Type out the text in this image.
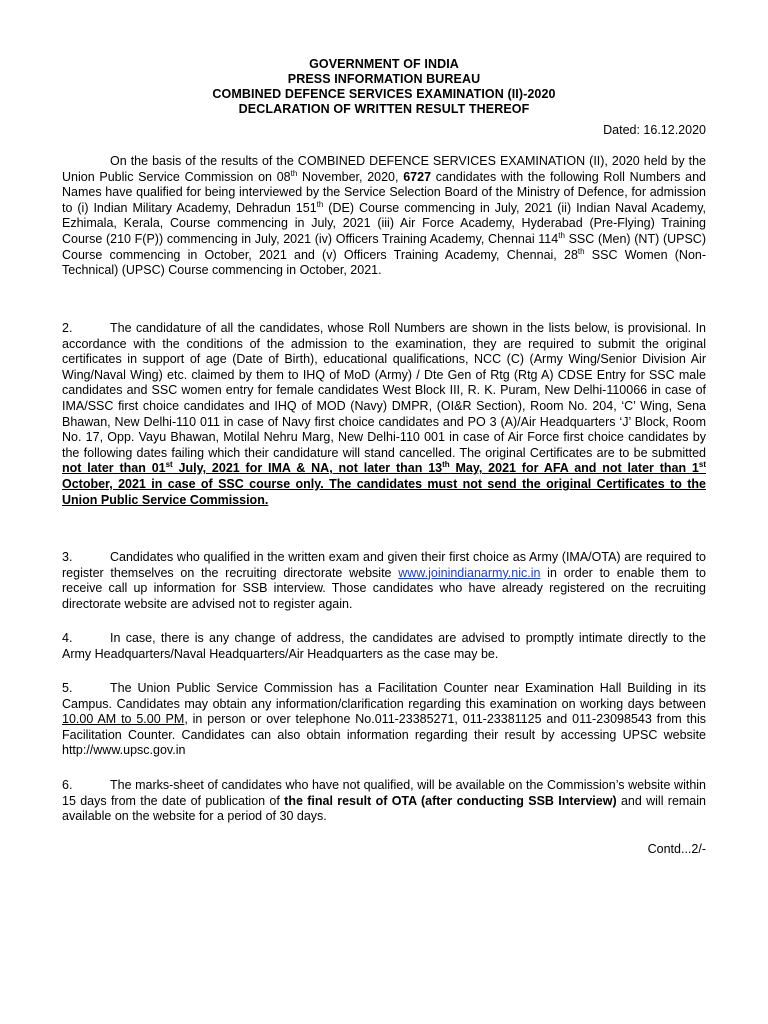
GOVERNMENT OF INDIA
PRESS INFORMATION BUREAU
COMBINED DEFENCE SERVICES EXAMINATION (II)-2020
DECLARATION OF WRITTEN RESULT THEREOF
Dated: 16.12.2020

On the basis of the results of the COMBINED DEFENCE SERVICES EXAMINATION (II), 2020 held by the Union Public Service Commission on 08th November, 2020, 6727 candidates with the following Roll Numbers and Names have qualified for being interviewed by the Service Selection Board of the Ministry of Defence, for admission to (i) Indian Military Academy, Dehradun 151th (DE) Course commencing in July, 2021 (ii) Indian Naval Academy, Ezhimala, Kerala, Course commencing in July, 2021 (iii) Air Force Academy, Hyderabad (Pre-Flying) Training Course (210 F(P)) commencing in July, 2021 (iv) Officers Training Academy, Chennai 114th SSC (Men) (NT) (UPSC) Course commencing in October, 2021 and (v) Officers Training Academy, Chennai, 28th SSC Women (Non-Technical) (UPSC) Course commencing in October, 2021.

2.	The candidature of all the candidates, whose Roll Numbers are shown in the lists below, is provisional. In accordance with the conditions of the admission to the examination, they are required to submit the original certificates in support of age (Date of Birth), educational qualifications, NCC (C) (Army Wing/Senior Division Air Wing/Naval Wing) etc. claimed by them to IHQ of MoD (Army) / Dte Gen of Rtg (Rtg A) CDSE Entry for SSC male candidates and SSC women entry for female candidates West Block III, R. K. Puram, New Delhi-110066 in case of IMA/SSC first choice candidates and IHQ of MOD (Navy) DMPR, (OI&R Section), Room No. 204, ‘C’ Wing, Sena Bhawan, New Delhi-110 011 in case of Navy first choice candidates and PO 3 (A)/Air Headquarters ‘J’ Block, Room No. 17, Opp. Vayu Bhawan, Motilal Nehru Marg, New Delhi-110 001 in case of Air Force first choice candidates by the following dates failing which their candidature will stand cancelled. The original Certificates are to be submitted not later than 01st July, 2021 for IMA & NA, not later than 13th May, 2021 for AFA and not later than 1st October, 2021 in case of SSC course only. The candidates must not send the original Certificates to the Union Public Service Commission.

3.	Candidates who qualified in the written exam and given their first choice as Army (IMA/OTA) are required to register themselves on the recruiting directorate website www.joinindianarmy.nic.in in order to enable them to receive call up information for SSB interview. Those candidates who have already registered on the recruiting directorate website are advised not to register again.

4.	In case, there is any change of address, the candidates are advised to promptly intimate directly to the Army Headquarters/Naval Headquarters/Air Headquarters as the case may be.

5.	The Union Public Service Commission has a Facilitation Counter near Examination Hall Building in its Campus. Candidates may obtain any information/clarification regarding this examination on working days between 10.00 AM to 5.00 PM, in person or over telephone No.011-23385271, 011-23381125 and 011-23098543 from this Facilitation Counter. Candidates can also obtain information regarding their result by accessing UPSC website http://www.upsc.gov.in

6.	The marks-sheet of candidates who have not qualified, will be available on the Commission’s website within 15 days from the date of publication of the final result of OTA (after conducting SSB Interview) and will remain available on the website for a period of 30 days.

Contd...2/-
